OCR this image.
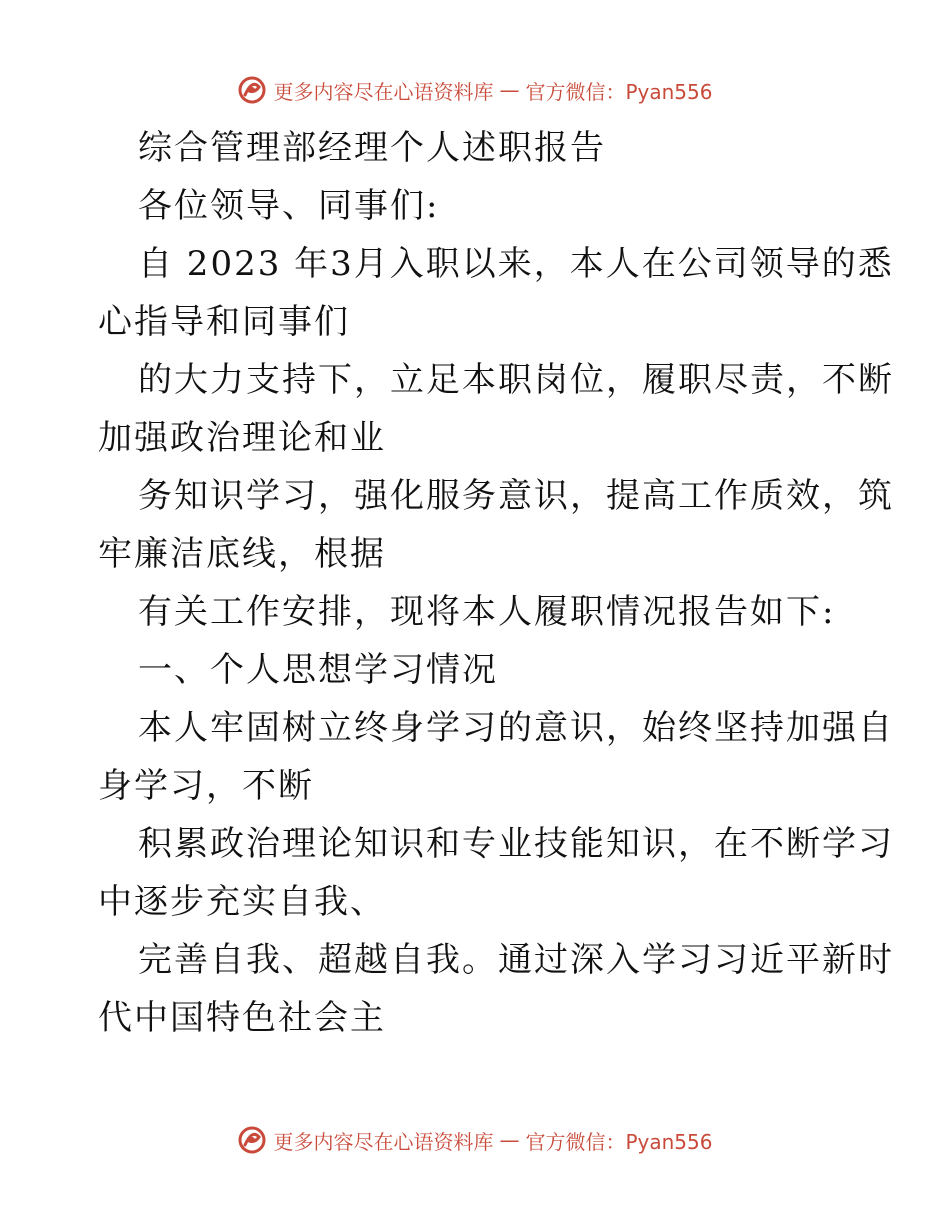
更多内容尽在心语资料库 — 官方微信：Pyan556
综合管理部经理个人述职报告
各位领导、同事们:
自 2023 年3月入职以来，本人在公司领导的悉
心指导和同事们
的大力支持下，立足本职岗位，履职尽责，不断
加强政治理论和业
务知识学习，强化服务意识，提高工作质效，筑
牢廉洁底线，根据
有关工作安排，现将本人履职情况报告如下:
一、个人思想学习情况
本人牢固树立终身学习的意识，始终坚持加强自
身学习，不断
积累政治理论知识和专业技能知识，在不断学习
中逐步充实自我、
完善自我、超越自我。通过深入学习习近平新时
代中国特色社会主
更多内容尽在心语资料库 — 官方微信：Pyan556
